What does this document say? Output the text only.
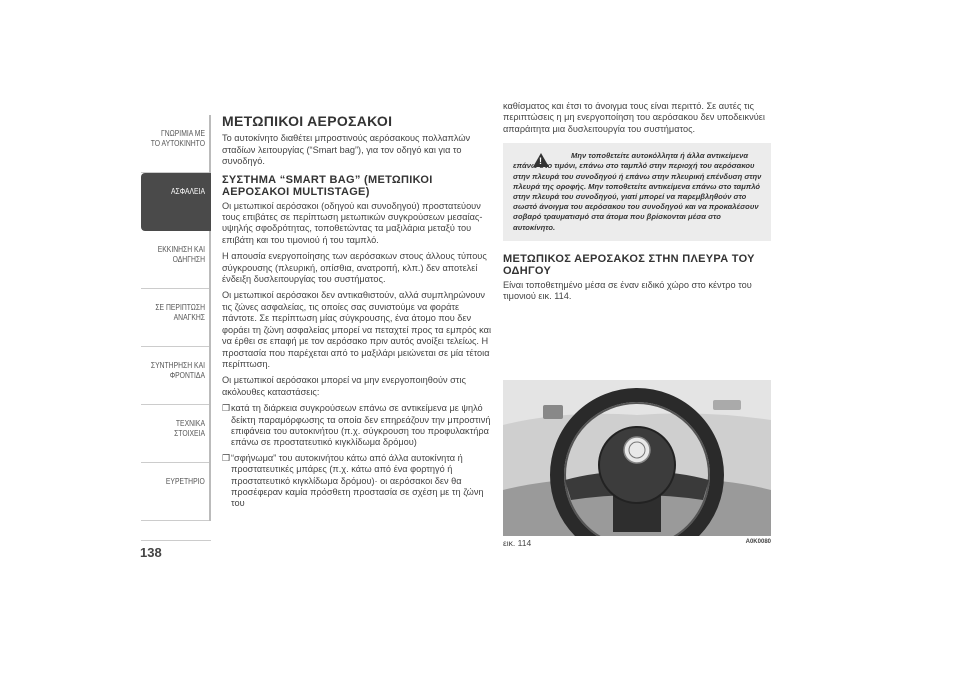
ΓΝΩΡΙΜΙΑ ΜΕ ΤΟ ΑΥΤΟΚΙΝΗΤΟ
ΑΣΦΑΛΕΙΑ
ΕΚΚΙΝΗΣΗ ΚΑΙ ΟΔΗΓΗΣΗ
ΣΕ ΠΕΡΙΠΤΩΣΗ ΑΝΑΓΚΗΣ
ΣΥΝΤΗΡΗΣΗ ΚΑΙ ΦΡΟΝΤΙΔΑ
ΤΕΧΝΙΚΑ ΣΤΟΙΧΕΙΑ
ΕΥΡΕΤΗΡΙΟ
138
ΜΕΤΩΠΙΚΟΙ ΑΕΡΟΣΑΚΟΙ

Το αυτοκίνητο διαθέτει μπροστινούς αερόσακους πολλαπλών σταδίων λειτουργίας (“Smart bag”), για τον οδηγό και για το συνοδηγό.

ΣΥΣΤΗΜΑ “SMART BAG” (ΜΕΤΩΠΙΚΟΙ ΑΕΡΟΣΑΚΟΙ MULTISTAGE)

Οι μετωπικοί αερόσακοι (οδηγού και συνοδηγού) προστατεύουν τους επιβάτες σε περίπτωση μετωπικών συγκρούσεων μεσαίας-υψηλής σφοδρότητας, τοποθετώντας τα μαξιλάρια μεταξύ του επιβάτη και του τιμονιού ή του ταμπλό.

Η απουσία ενεργοποίησης των αερόσακων στους άλλους τύπους σύγκρουσης (πλευρική, οπίσθια, ανατροπή, κλπ.) δεν αποτελεί ένδειξη δυσλειτουργίας του συστήματος.

Οι μετωπικοί αερόσακοι δεν αντικαθιστούν, αλλά συμπληρώνουν τις ζώνες ασφαλείας, τις οποίες σας συνιστούμε να φοράτε πάντοτε. Σε περίπτωση μίας σύγκρουσης, ένα άτομο που δεν φοράει τη ζώνη ασφαλείας μπορεί να πεταχτεί προς τα εμπρός και να έρθει σε επαφή με τον αερόσακο πριν αυτός ανοίξει τελείως. Η προστασία που παρέχεται από το μαξιλάρι μειώνεται σε μία τέτοια περίπτωση.

Οι μετωπικοί αερόσακοι μπορεί να μην ενεργοποιηθούν στις ακόλουθες καταστάσεις:

❒ κατά τη διάρκεια συγκρούσεων επάνω σε αντικείμενα με ψηλό δείκτη παραμόρφωσης τα οποία δεν επηρεάζουν την μπροστινή επιφάνεια του αυτοκινήτου (π.χ. σύγκρουση του προφυλακτήρα επάνω σε προστατευτικό κιγκλίδωμα δρόμου)
❒ “σφήνωμα” του αυτοκινήτου κάτω από άλλα αυτοκίνητα ή προστατευτικές μπάρες (π.χ. κάτω από ένα φορτηγό ή προστατευτικό κιγκλίδωμα δρόμου)· οι αερόσακοι δεν θα προσέφεραν καμία πρόσθετη προστασία σε σχέση με τη ζώνη του

καθίσματος και έτσι το άνοιγμα τους είναι περιττό. Σε αυτές τις περιπτώσεις η μη ενεργοποίηση του αερόσακου δεν υποδεικνύει απαράιτητα μια δυσλειτουργία του συστήματος.

!
Μην τοποθετείτε αυτοκόλλητα ή άλλα αντικείμενα επάνω στο τιμόνι, επάνω στο ταμπλό στην περιοχή του αερόσακου στην πλευρά του συνοδηγού ή επάνω στην πλευρική επένδυση στην πλευρά της οροφής. Μην τοποθετείτε αντικείμενα επάνω στο ταμπλό στην πλευρά του συνοδηγού, γιατί μπορεί να παρεμβληθούν στο σωστό άνοιγμα του αερόσακου του συνοδηγού και να προκαλέσουν σοβαρό τραυματισμό στα άτομα που βρίσκονται μέσα στο αυτοκίνητο.
ΜΕΤΩΠΙΚΟΣ ΑΕΡΟΣΑΚΟΣ ΣΤΗΝ ΠΛΕΥΡΑ ΤΟΥ ΟΔΗΓΟΥ

Είναι τοποθετημένο μέσα σε έναν ειδικό χώρο στο κέντρο του τιμονιού εικ. 114.

εικ. 114	A0K0080
